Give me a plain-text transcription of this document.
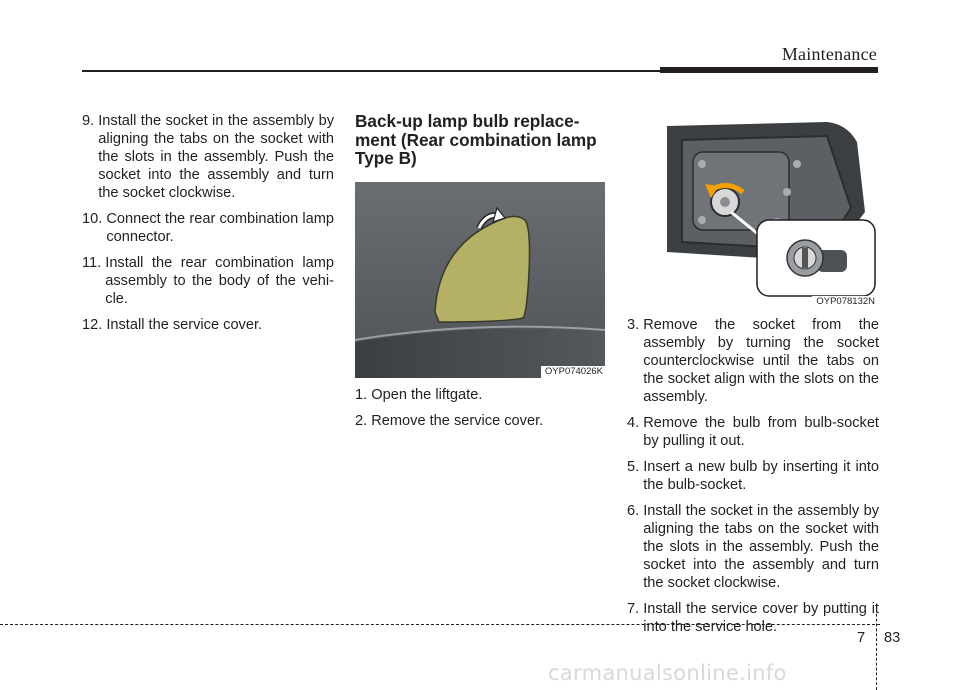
Maintenance
9. Install the socket in the assembly by aligning the tabs on the socket with the slots in the assembly. Push the socket into the assembly and turn the socket clockwise.
10. Connect the rear combination lamp connector.
11. Install the rear combination lamp assembly to the body of the vehi-cle.
12. Install the service cover.
Back-up lamp bulb replace-ment (Rear combination lamp Type B)
OYP074026K
1. Open the liftgate.
2. Remove the service cover.
OYP078132N
3. Remove the socket from the assembly by turning the socket counterclockwise until the tabs on the socket align with the slots on the assembly.
4. Remove the bulb from bulb-socket by pulling it out.
5. Insert a new bulb by inserting it into the bulb-socket.
6. Install the socket in the assembly by aligning the tabs on the socket with the slots in the assembly. Push the socket into the assembly and turn the socket clockwise.
7. Install the service cover by putting it into the service hole.
7 83
carmanualsonline.info
